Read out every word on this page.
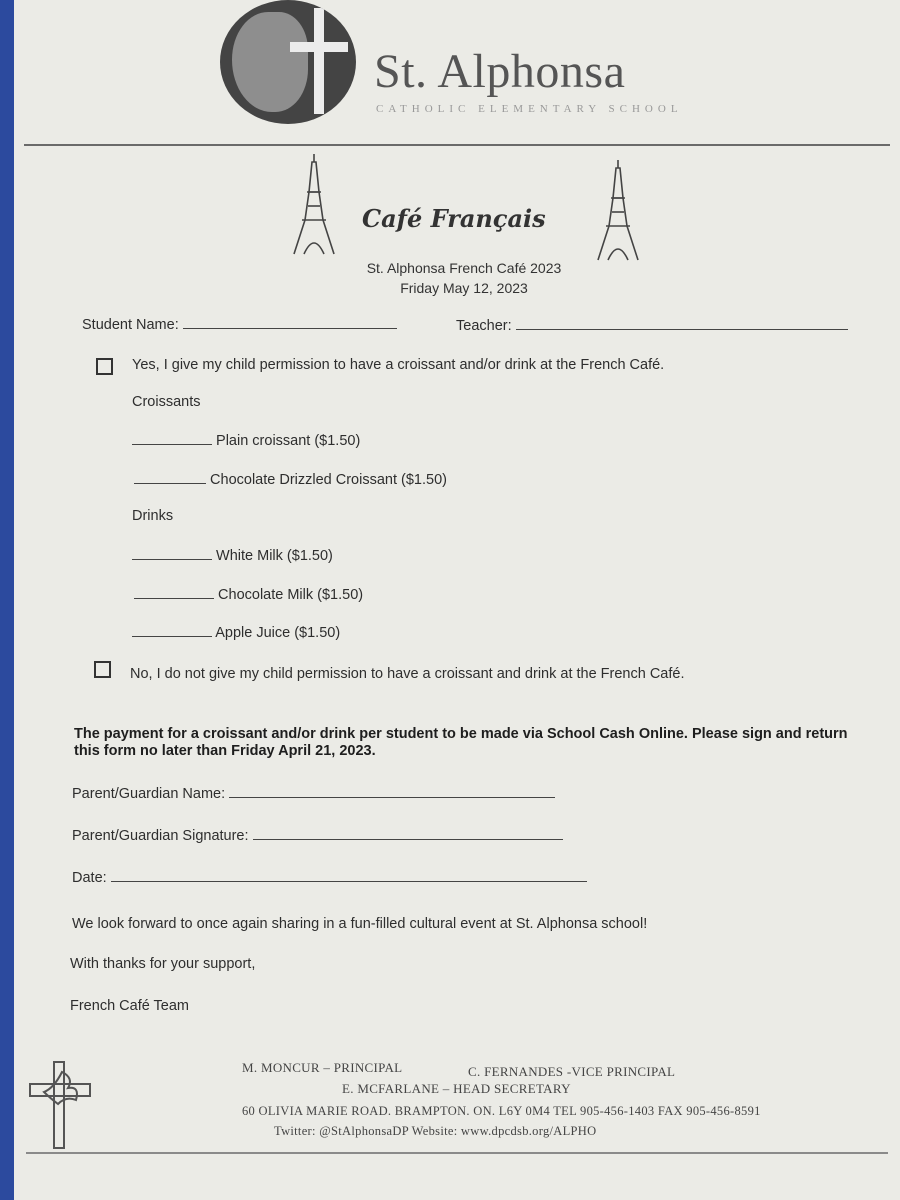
St. Alphonsa
CATHOLIC ELEMENTARY SCHOOL
Café Français
St. Alphonsa French Café 2023
Friday May 12, 2023
Student Name:	Teacher:
Yes, I give my child permission to have a croissant and/or drink at the French Café.
Croissants
Plain croissant ($1.50)
Chocolate Drizzled Croissant ($1.50)
Drinks
White Milk ($1.50)
Chocolate Milk ($1.50)
Apple Juice ($1.50)
No, I do not give my child permission to have a croissant and drink at the French Café.
The payment for a croissant and/or drink per student to be made via School Cash Online. Please sign and return
this form no later than Friday April 21, 2023.
Parent/Guardian Name:
Parent/Guardian Signature:
Date:
We look forward to once again sharing in a fun-filled cultural event at St. Alphonsa school!
With thanks for your support,
French Café Team
M. MONCUR – PRINCIPAL	C. FERNANDES -VICE PRINCIPAL
E. MCFARLANE – HEAD SECRETARY
60 OLIVIA MARIE ROAD. BRAMPTON. ON. L6Y 0M4 TEL 905-456-1403 FAX 905-456-8591
Twitter: @StAlphonsaDP Website: www.dpcdsb.org/ALPHO
